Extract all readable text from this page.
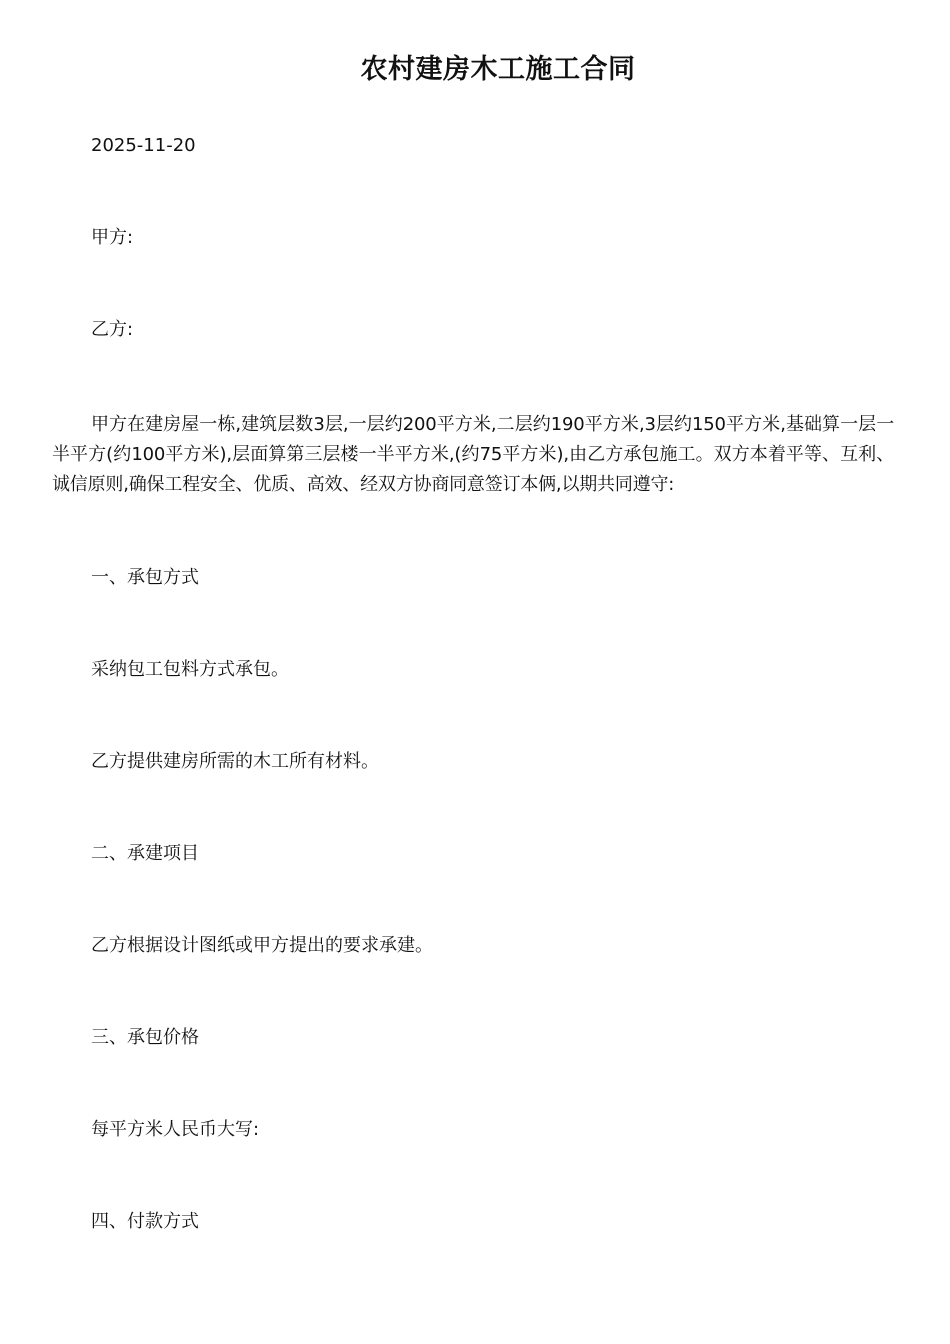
农村建房木工施工合同

2025-11-20

甲方:

乙方:

甲方在建房屋一栋,建筑层数3层,一层约200平方米,二层约190平方米,3层约150平方米,基础算一层一半平方(约100平方米),层面算第三层楼一半平方米,(约75平方米),由乙方承包施工。双方本着平等、互利、诚信原则,确保工程安全、优质、高效、经双方协商同意签订本俩,以期共同遵守:

一、承包方式

采纳包工包料方式承包。

乙方提供建房所需的木工所有材料。

二、承建项目

乙方根据设计图纸或甲方提出的要求承建。

三、承包价格

每平方米人民币大写:

四、付款方式
